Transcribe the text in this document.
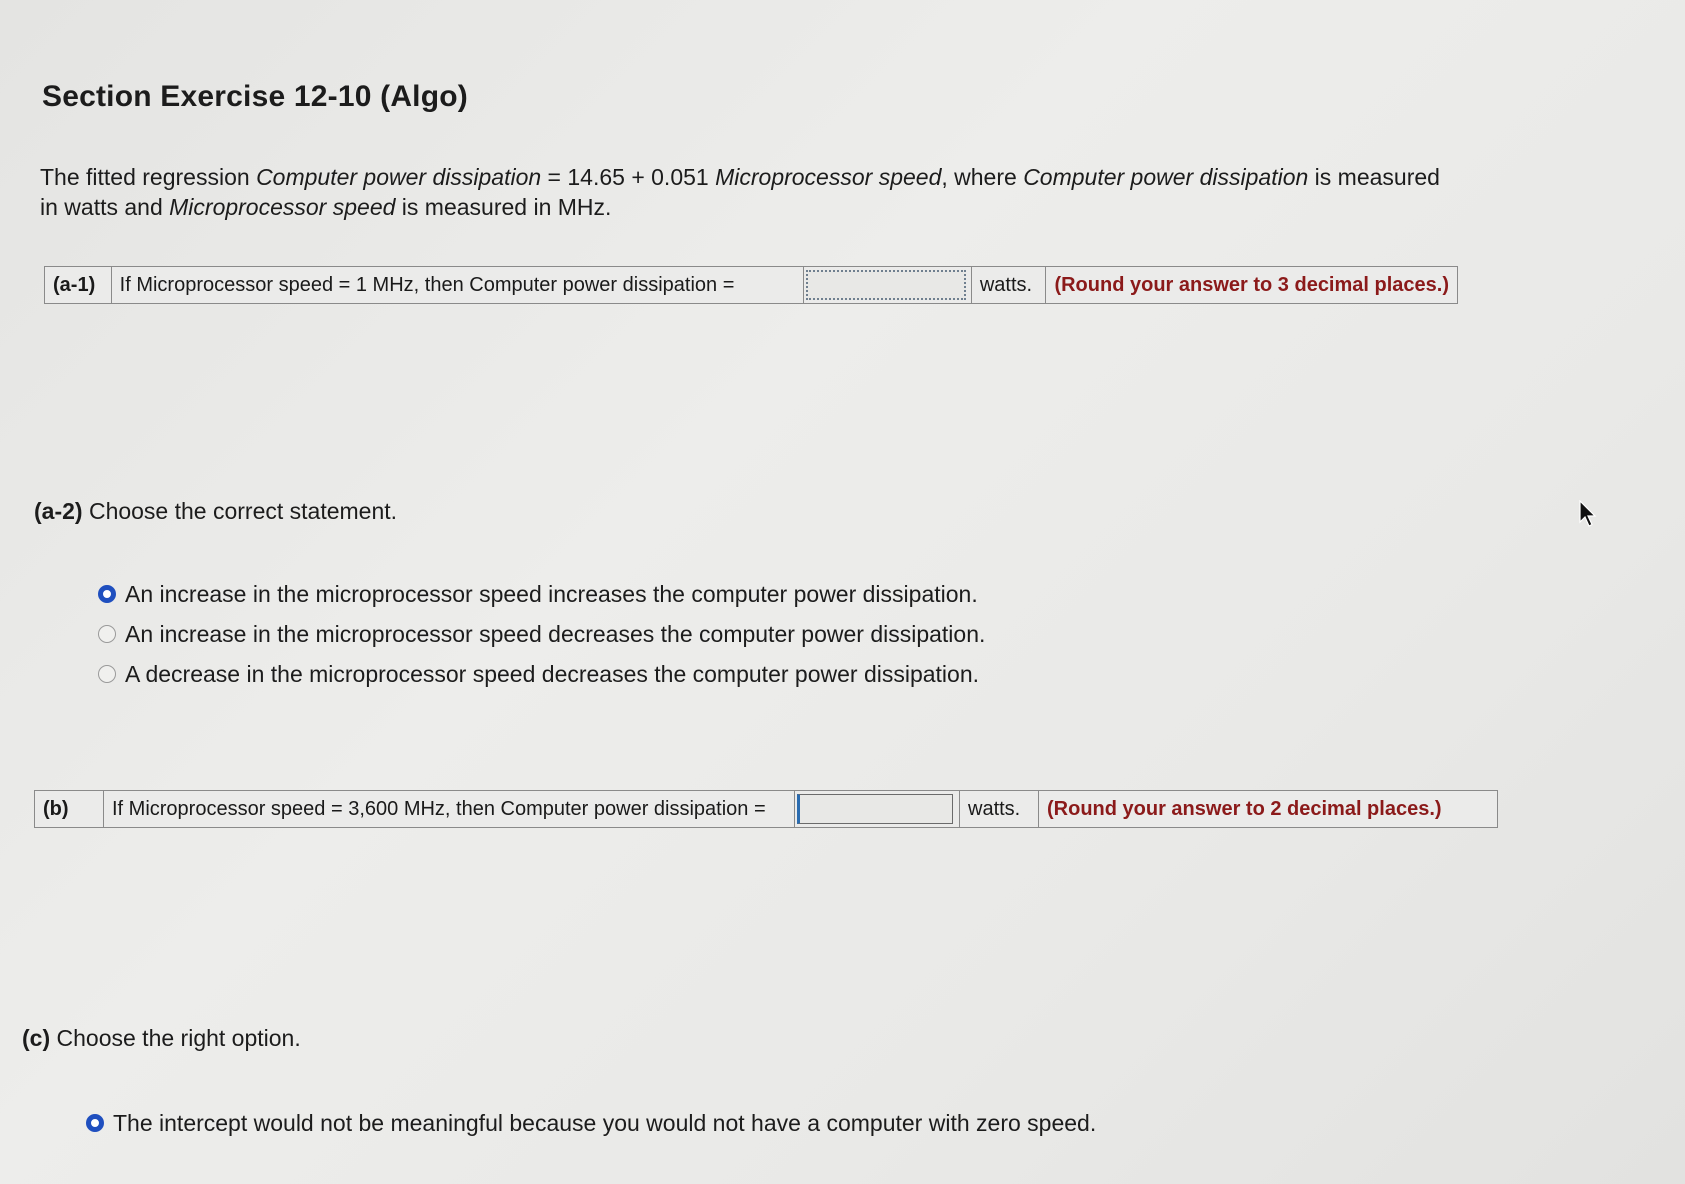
Section Exercise 12-10 (Algo)
The fitted regression Computer power dissipation = 14.65 + 0.051 Microprocessor speed, where Computer power dissipation is measured in watts and Microprocessor speed is measured in MHz.
(a-1)	If Microprocessor speed = 1 MHz, then Computer power dissipation =	watts.	(Round your answer to 3 decimal places.)
(a-2) Choose the correct statement.
An increase in the microprocessor speed increases the computer power dissipation.
An increase in the microprocessor speed decreases the computer power dissipation.
A decrease in the microprocessor speed decreases the computer power dissipation.
(b)	If Microprocessor speed = 3,600 MHz, then Computer power dissipation =	watts.	(Round your answer to 2 decimal places.)
(c) Choose the right option.
The intercept would not be meaningful because you would not have a computer with zero speed.
